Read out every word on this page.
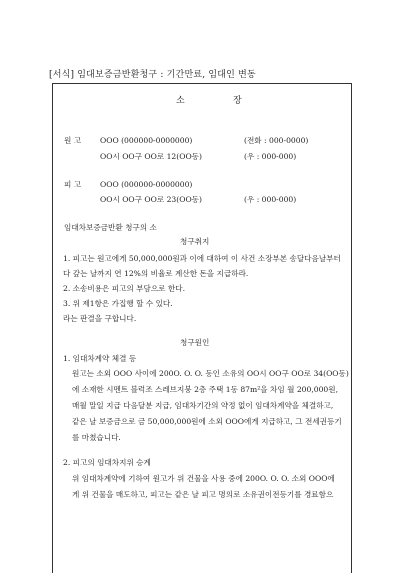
[서식] 임대보증금반환청구 : 기간만료, 임대인 변동
소	장
원 고 OOO (000000-0000000)	(전화 : 000-0000)
OO시 OO구 OO로 12(OO동)	(우 : 000-000)
피 고 OOO (000000-0000000)
OO시 OO구 OO로 23(OO동)	(우 : 000-000)
임대차보증금반환 청구의 소
청구취지
1. 피고는 원고에게 50,000,000원과 이에 대하여 이 사건 소장부본 송달다음날부터
다 갚는 날까지 연 12%의 비율로 계산한 돈을 지급하라.
2. 소송비용은 피고의 부담으로 한다.
3. 위 제1항은 가집행 할 수 있다.
라는 판결을 구합니다.
청구원인
1. 임대차계약 체결 등
원고는 소외 OOO 사이에 200O. O. O. 동인 소유의 OO시 OO구 OO로 34(OO동)
에 소재한 시멘트 블럭조 스레브지붕 2층 주택 1동 87m²을 차임 월 200,000원,
매월 말일 지급 다음달분 지급, 임대차기간의 약정 없이 임대차계약을 체결하고,
같은 날 보증금으로 금 50,000,000원에 소외 OOO에게 지급하고, 그 전세권등기
를 마쳤습니다.
2. 피고의 임대차지위 승계
위 임대차계약에 기하여 원고가 위 건물을 사용 중에 200O. O. O. 소외 OOO에
게 위 건물을 매도하고, 피고는 같은 날 피고 명의로 소유권이전등기를 경료함으
